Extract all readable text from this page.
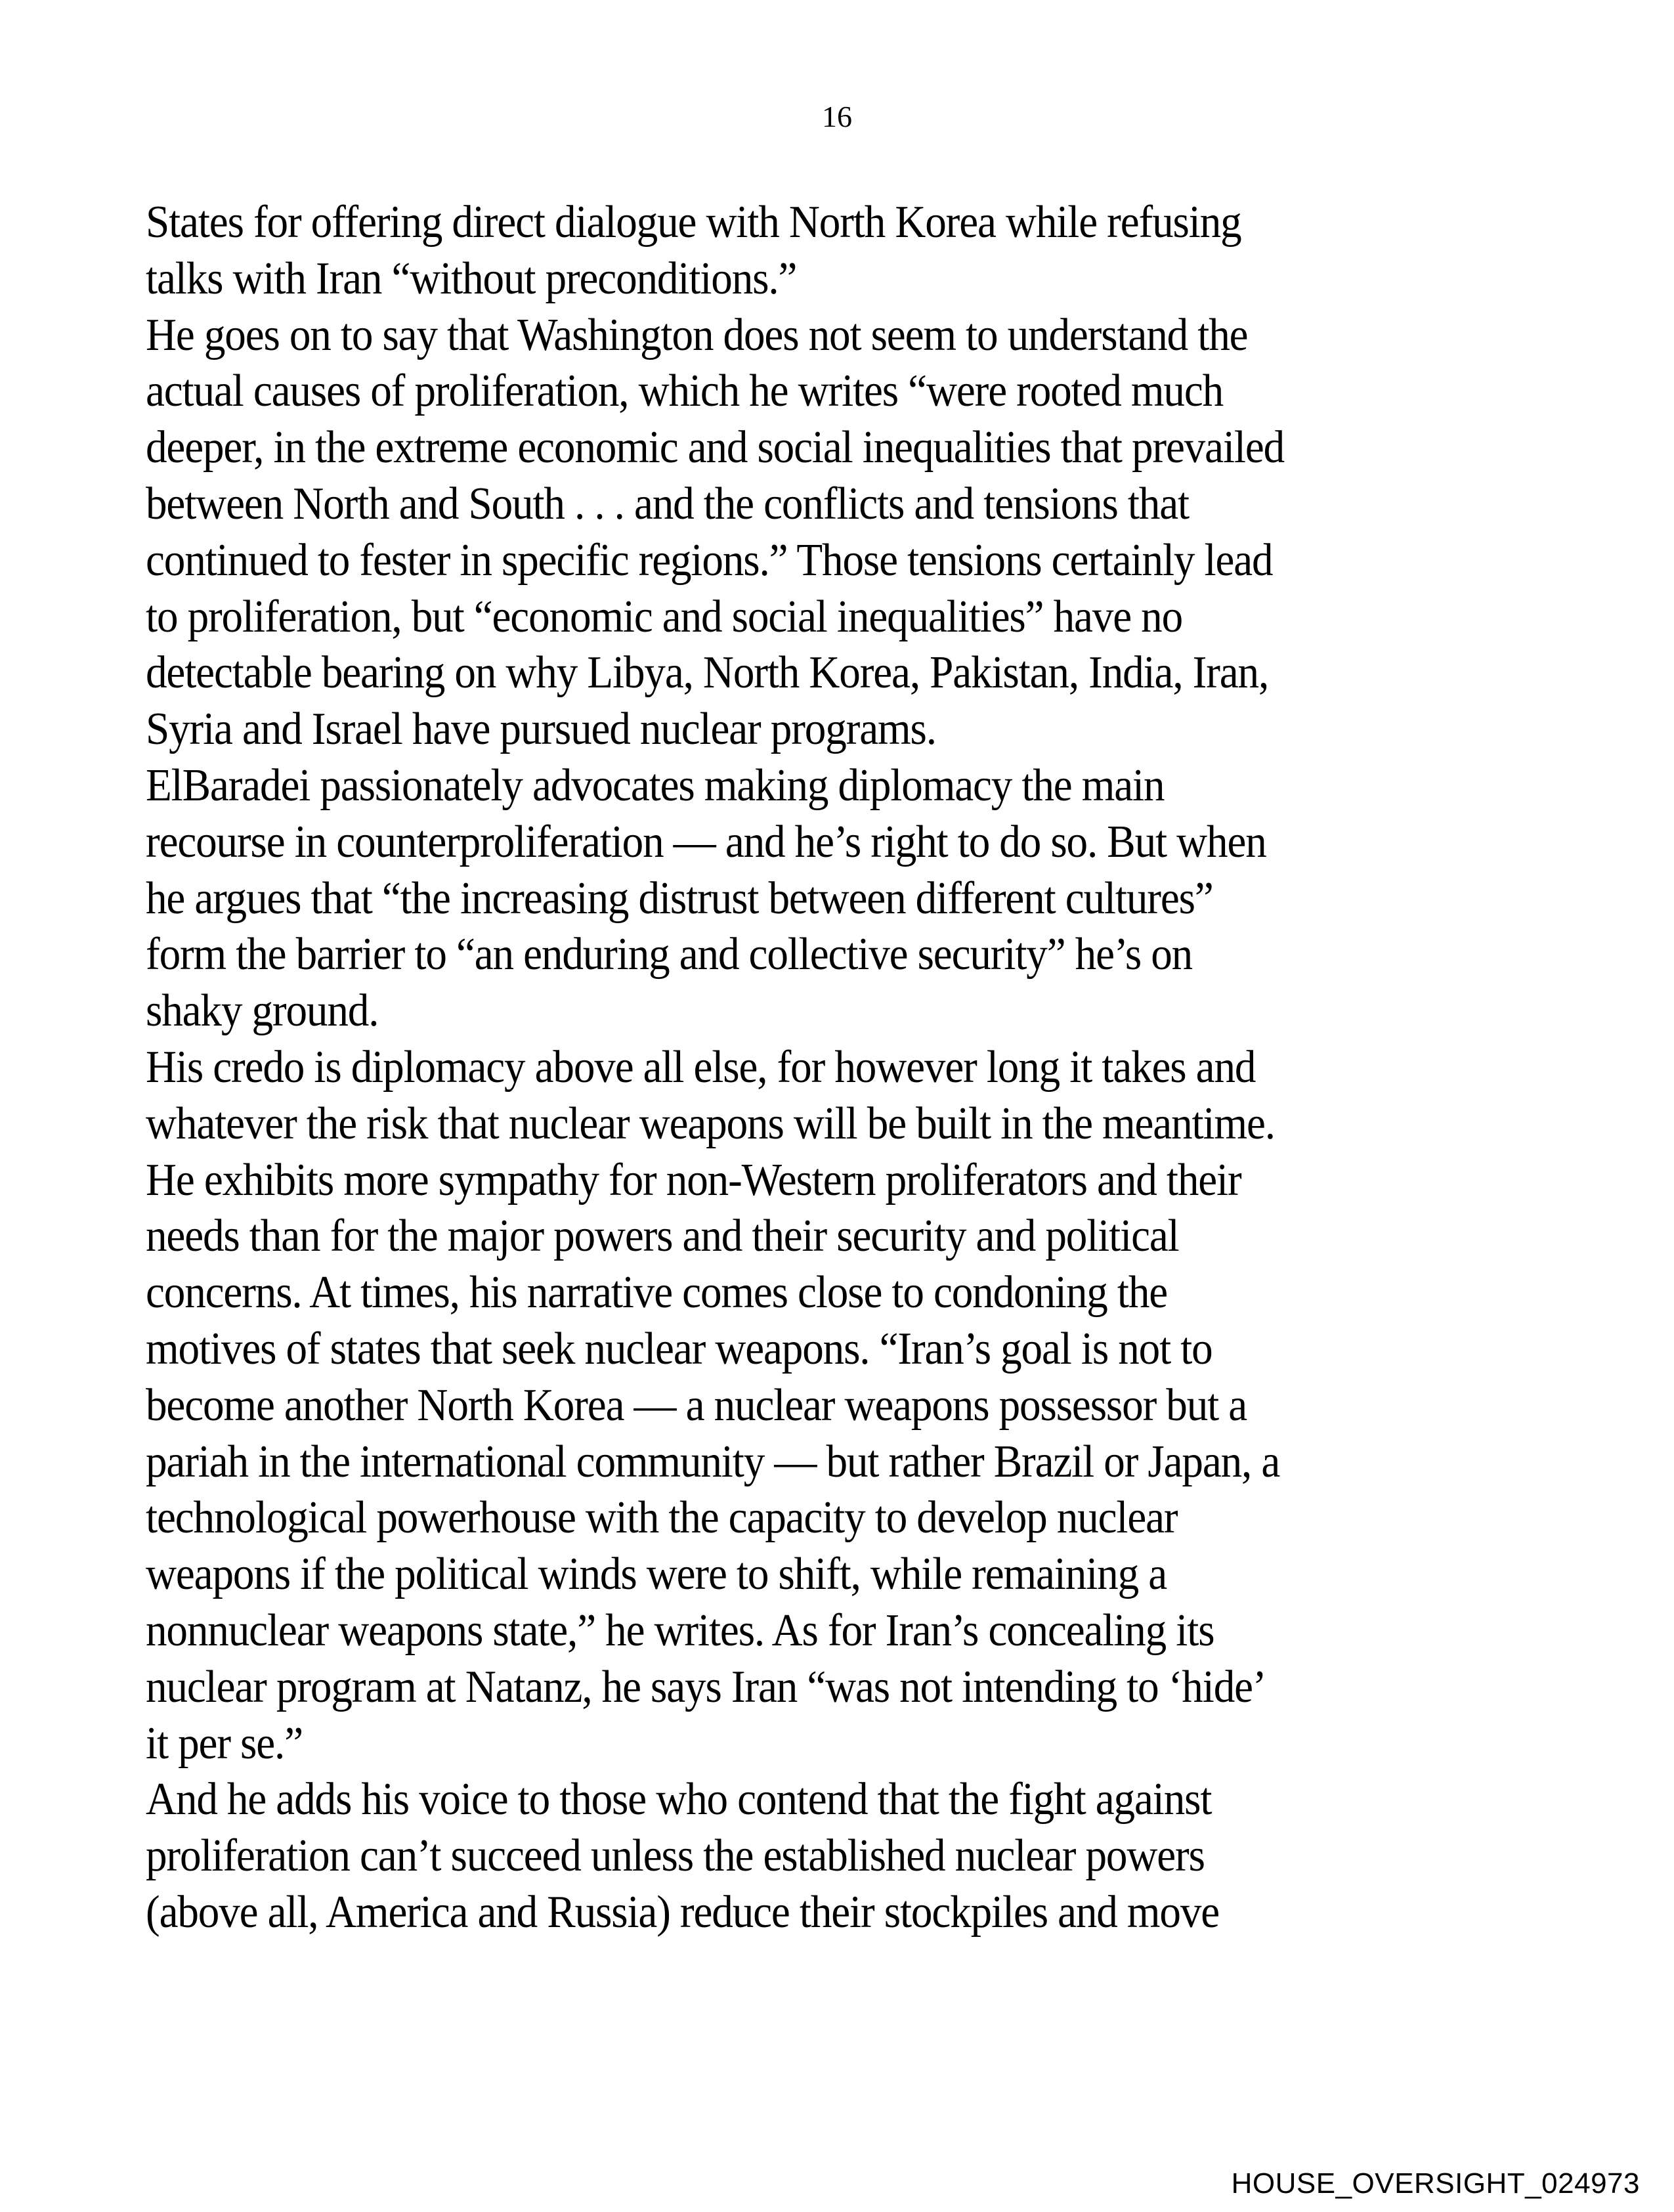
16
States for offering direct dialogue with North Korea while refusing
talks with Iran “without preconditions.”
He goes on to say that Washington does not seem to understand the
actual causes of proliferation, which he writes “were rooted much
deeper, in the extreme economic and social inequalities that prevailed
between North and South . . . and the conflicts and tensions that
continued to fester in specific regions.” Those tensions certainly lead
to proliferation, but “economic and social inequalities” have no
detectable bearing on why Libya, North Korea, Pakistan, India, Iran,
Syria and Israel have pursued nuclear programs.
ElBaradei passionately advocates making diplomacy the main
recourse in counterproliferation — and he’s right to do so. But when
he argues that “the increasing distrust between different cultures”
form the barrier to “an enduring and collective security” he’s on
shaky ground.
His credo is diplomacy above all else, for however long it takes and
whatever the risk that nuclear weapons will be built in the meantime.
He exhibits more sympathy for non-Western proliferators and their
needs than for the major powers and their security and political
concerns. At times, his narrative comes close to condoning the
motives of states that seek nuclear weapons. “Iran’s goal is not to
become another North Korea — a nuclear weapons possessor but a
pariah in the international community — but rather Brazil or Japan, a
technological powerhouse with the capacity to develop nuclear
weapons if the political winds were to shift, while remaining a
nonnuclear weapons state,” he writes. As for Iran’s concealing its
nuclear program at Natanz, he says Iran “was not intending to ‘hide’
it per se.”
And he adds his voice to those who contend that the fight against
proliferation can’t succeed unless the established nuclear powers
(above all, America and Russia) reduce their stockpiles and move
HOUSE_OVERSIGHT_024973
